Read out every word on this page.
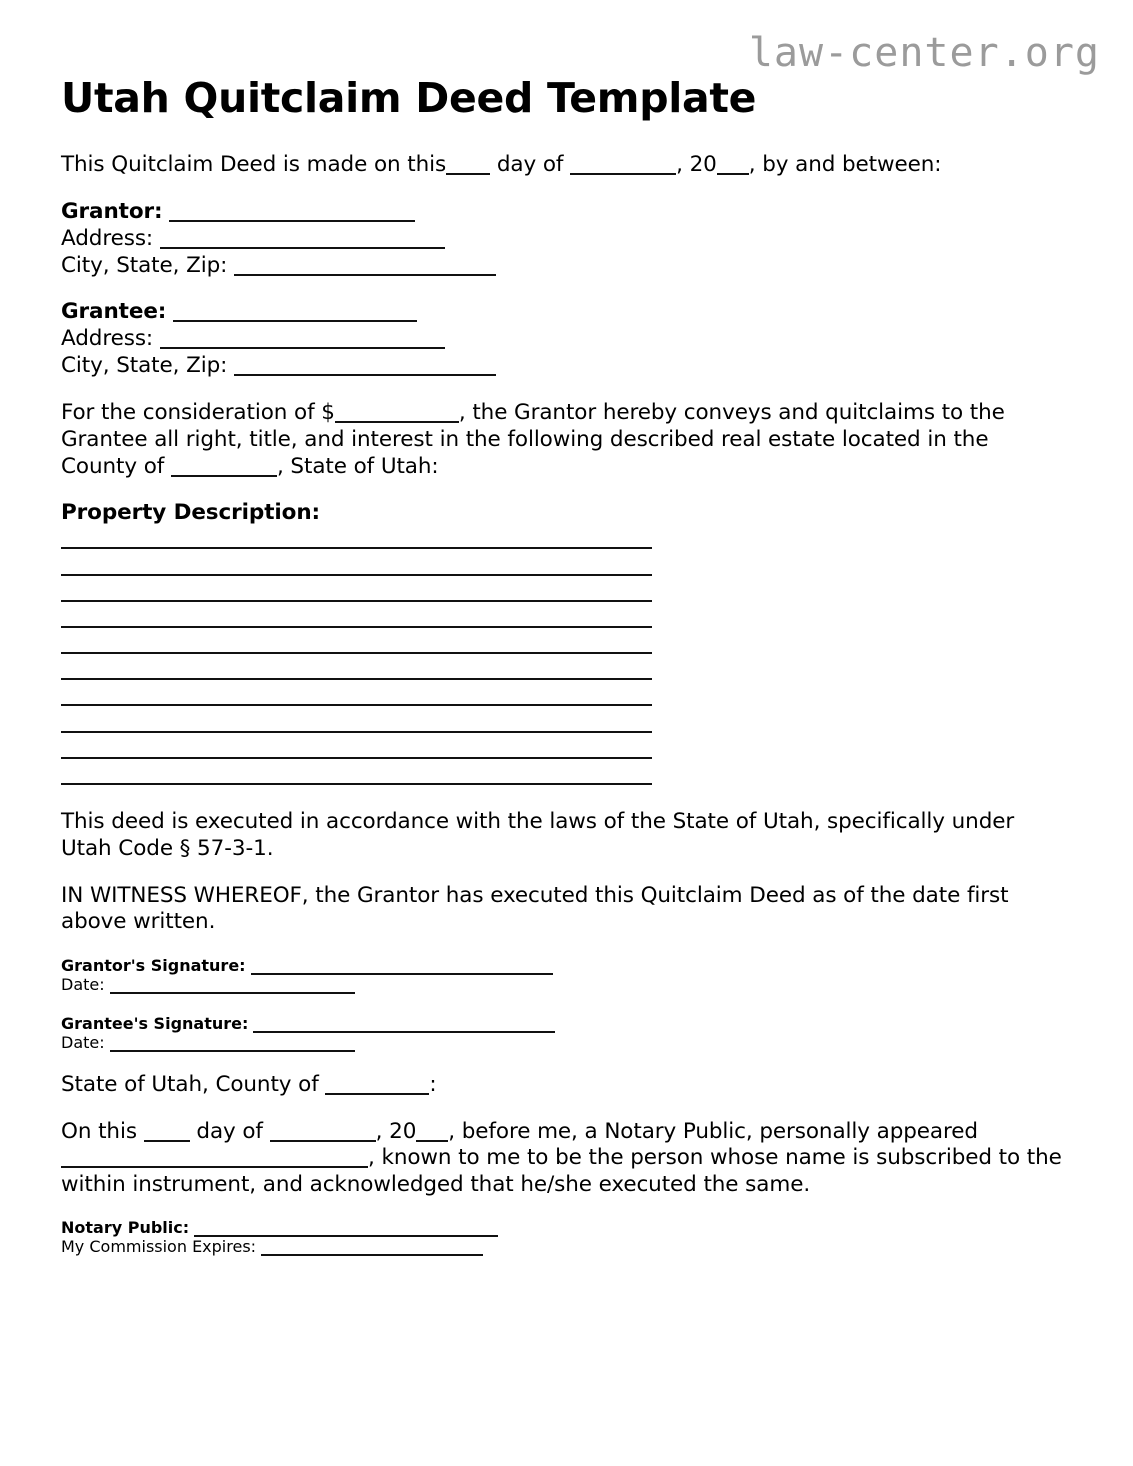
law-center.org
Utah Quitclaim Deed Template

This Quitclaim Deed is made on this day of	, 20 , by and between:

Grantor:
Address:
City, State, Zip:
Grantee:
Address:
City, State, Zip:

For the consideration of $	, the Grantor hereby conveys and quitclaims to the Grantee all right, title, and interest in the following described real estate located in the County of	, State of Utah:

Property Description:

This deed is executed in accordance with the laws of the State of Utah, specifically under Utah Code § 57-3-1.

IN WITNESS WHEREOF, the Grantor has executed this Quitclaim Deed as of the date first above written.

Grantor's Signature:
Date:
Grantee's Signature:
Date:

State of Utah, County of	:

On this	day of	, 20 , before me, a Notary Public, personally appeared , known to me to be the person whose name is subscribed to the within instrument, and acknowledged that he/she executed the same.

Notary Public:
My Commission Expires:
